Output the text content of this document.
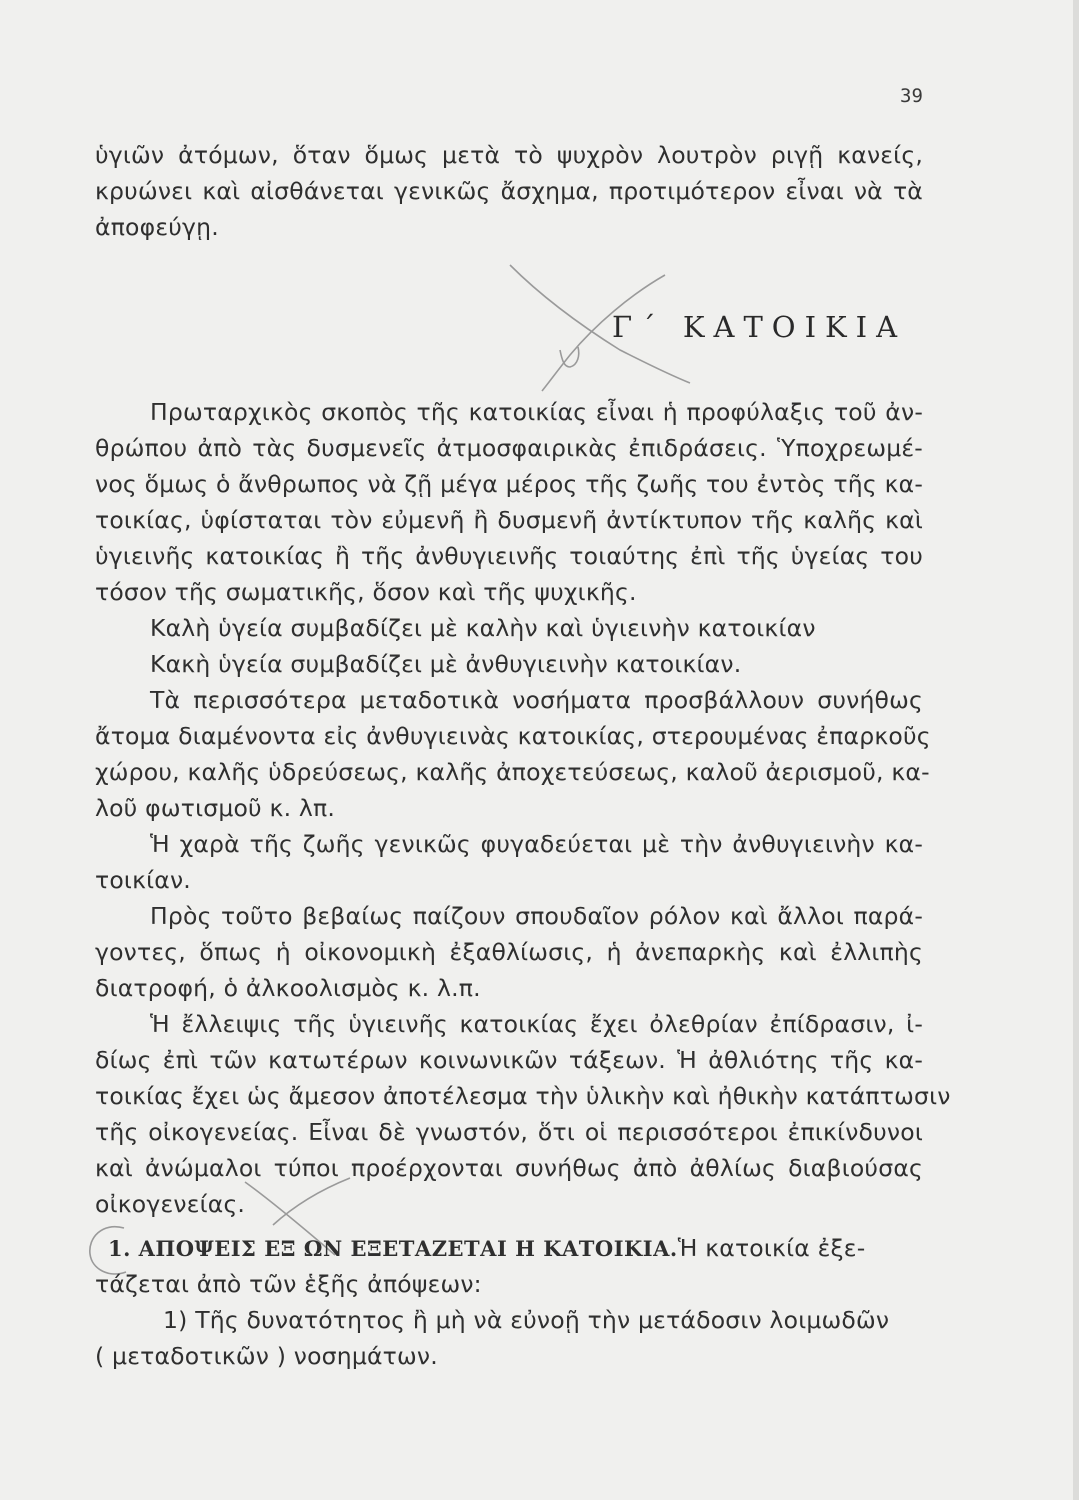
39
ὑγιῶν ἀτόμων, ὅταν ὅμως μετὰ τὸ ψυχρὸν λουτρὸν ριγῇ κανείς,
κρυώνει καὶ αἰσθάνεται γενικῶς ἄσχημα, προτιμότερον εἶναι νὰ τὰ
ἀποφεύγῃ.
Γ΄ ΚΑΤΟΙΚΙΑ
Πρωταρχικὸς σκοπὸς τῆς κατοικίας εἶναι ἡ προφύλαξις τοῦ ἀν-
θρώπου ἀπὸ τὰς δυσμενεῖς ἀτμοσφαιρικὰς ἐπιδράσεις. Ὑποχρεωμέ-
νος ὅμως ὁ ἄνθρωπος νὰ ζῇ μέγα μέρος τῆς ζωῆς του ἐντὸς τῆς κα-
τοικίας, ὑφίσταται τὸν εὐμενῆ ἢ δυσμενῆ ἀντίκτυπον τῆς καλῆς καὶ
ὑγιεινῆς κατοικίας ἢ τῆς ἀνθυγιεινῆς τοιαύτης ἐπὶ τῆς ὑγείας του
τόσον τῆς σωματικῆς, ὅσον καὶ τῆς ψυχικῆς.
Καλὴ ὑγεία συμβαδίζει μὲ καλὴν καὶ ὑγιεινὴν κατοικίαν
Κακὴ ὑγεία συμβαδίζει μὲ ἀνθυγιεινὴν κατοικίαν.
Τὰ περισσότερα μεταδοτικὰ νοσήματα προσβάλλουν συνήθως
ἄτομα διαμένοντα εἰς ἀνθυγιεινὰς κατοικίας, στερουμένας ἐπαρκοῦς
χώρου, καλῆς ὑδρεύσεως, καλῆς ἀποχετεύσεως, καλοῦ ἀερισμοῦ, κα-
λοῦ φωτισμοῦ κ. λπ.
Ἡ χαρὰ τῆς ζωῆς γενικῶς φυγαδεύεται μὲ τὴν ἀνθυγιεινὴν κα-
τοικίαν.
Πρὸς τοῦτο βεβαίως παίζουν σπουδαῖον ρόλον καὶ ἄλλοι παρά-
γοντες, ὅπως ἡ οἰκονομικὴ ἐξαθλίωσις, ἡ ἀνεπαρκὴς καὶ ἐλλιπὴς
διατροφή, ὁ ἀλκοολισμὸς κ. λ.π.
Ἡ ἔλλειψις τῆς ὑγιεινῆς κατοικίας ἔχει ὀλεθρίαν ἐπίδρασιν, ἰ-
δίως ἐπὶ τῶν κατωτέρων κοινωνικῶν τάξεων. Ἡ ἀθλιότης τῆς κα-
τοικίας ἔχει ὡς ἄμεσον ἀποτέλεσμα τὴν ὑλικὴν καὶ ἠθικὴν κατάπτωσιν
τῆς οἰκογενείας. Εἶναι δὲ γνωστόν, ὅτι οἱ περισσότεροι ἐπικίνδυνοι
καὶ ἀνώμαλοι τύποι προέρχονται συνήθως ἀπὸ ἀθλίως διαβιούσας
οἰκογενείας.
1. ΑΠΟΨΕΙΣ ΕΞ ΩΝ ΕΞΕΤΑΖΕΤΑΙ Η ΚΑΤΟΙΚΙΑ.Ἡ κατοικία ἐξε-
τάζεται ἀπὸ τῶν ἑξῆς ἀπόψεων:
1) Τῆς δυνατότητος ἢ μὴ νὰ εὐνοῇ τὴν μετάδοσιν λοιμωδῶν
( μεταδοτικῶν ) νοσημάτων.
